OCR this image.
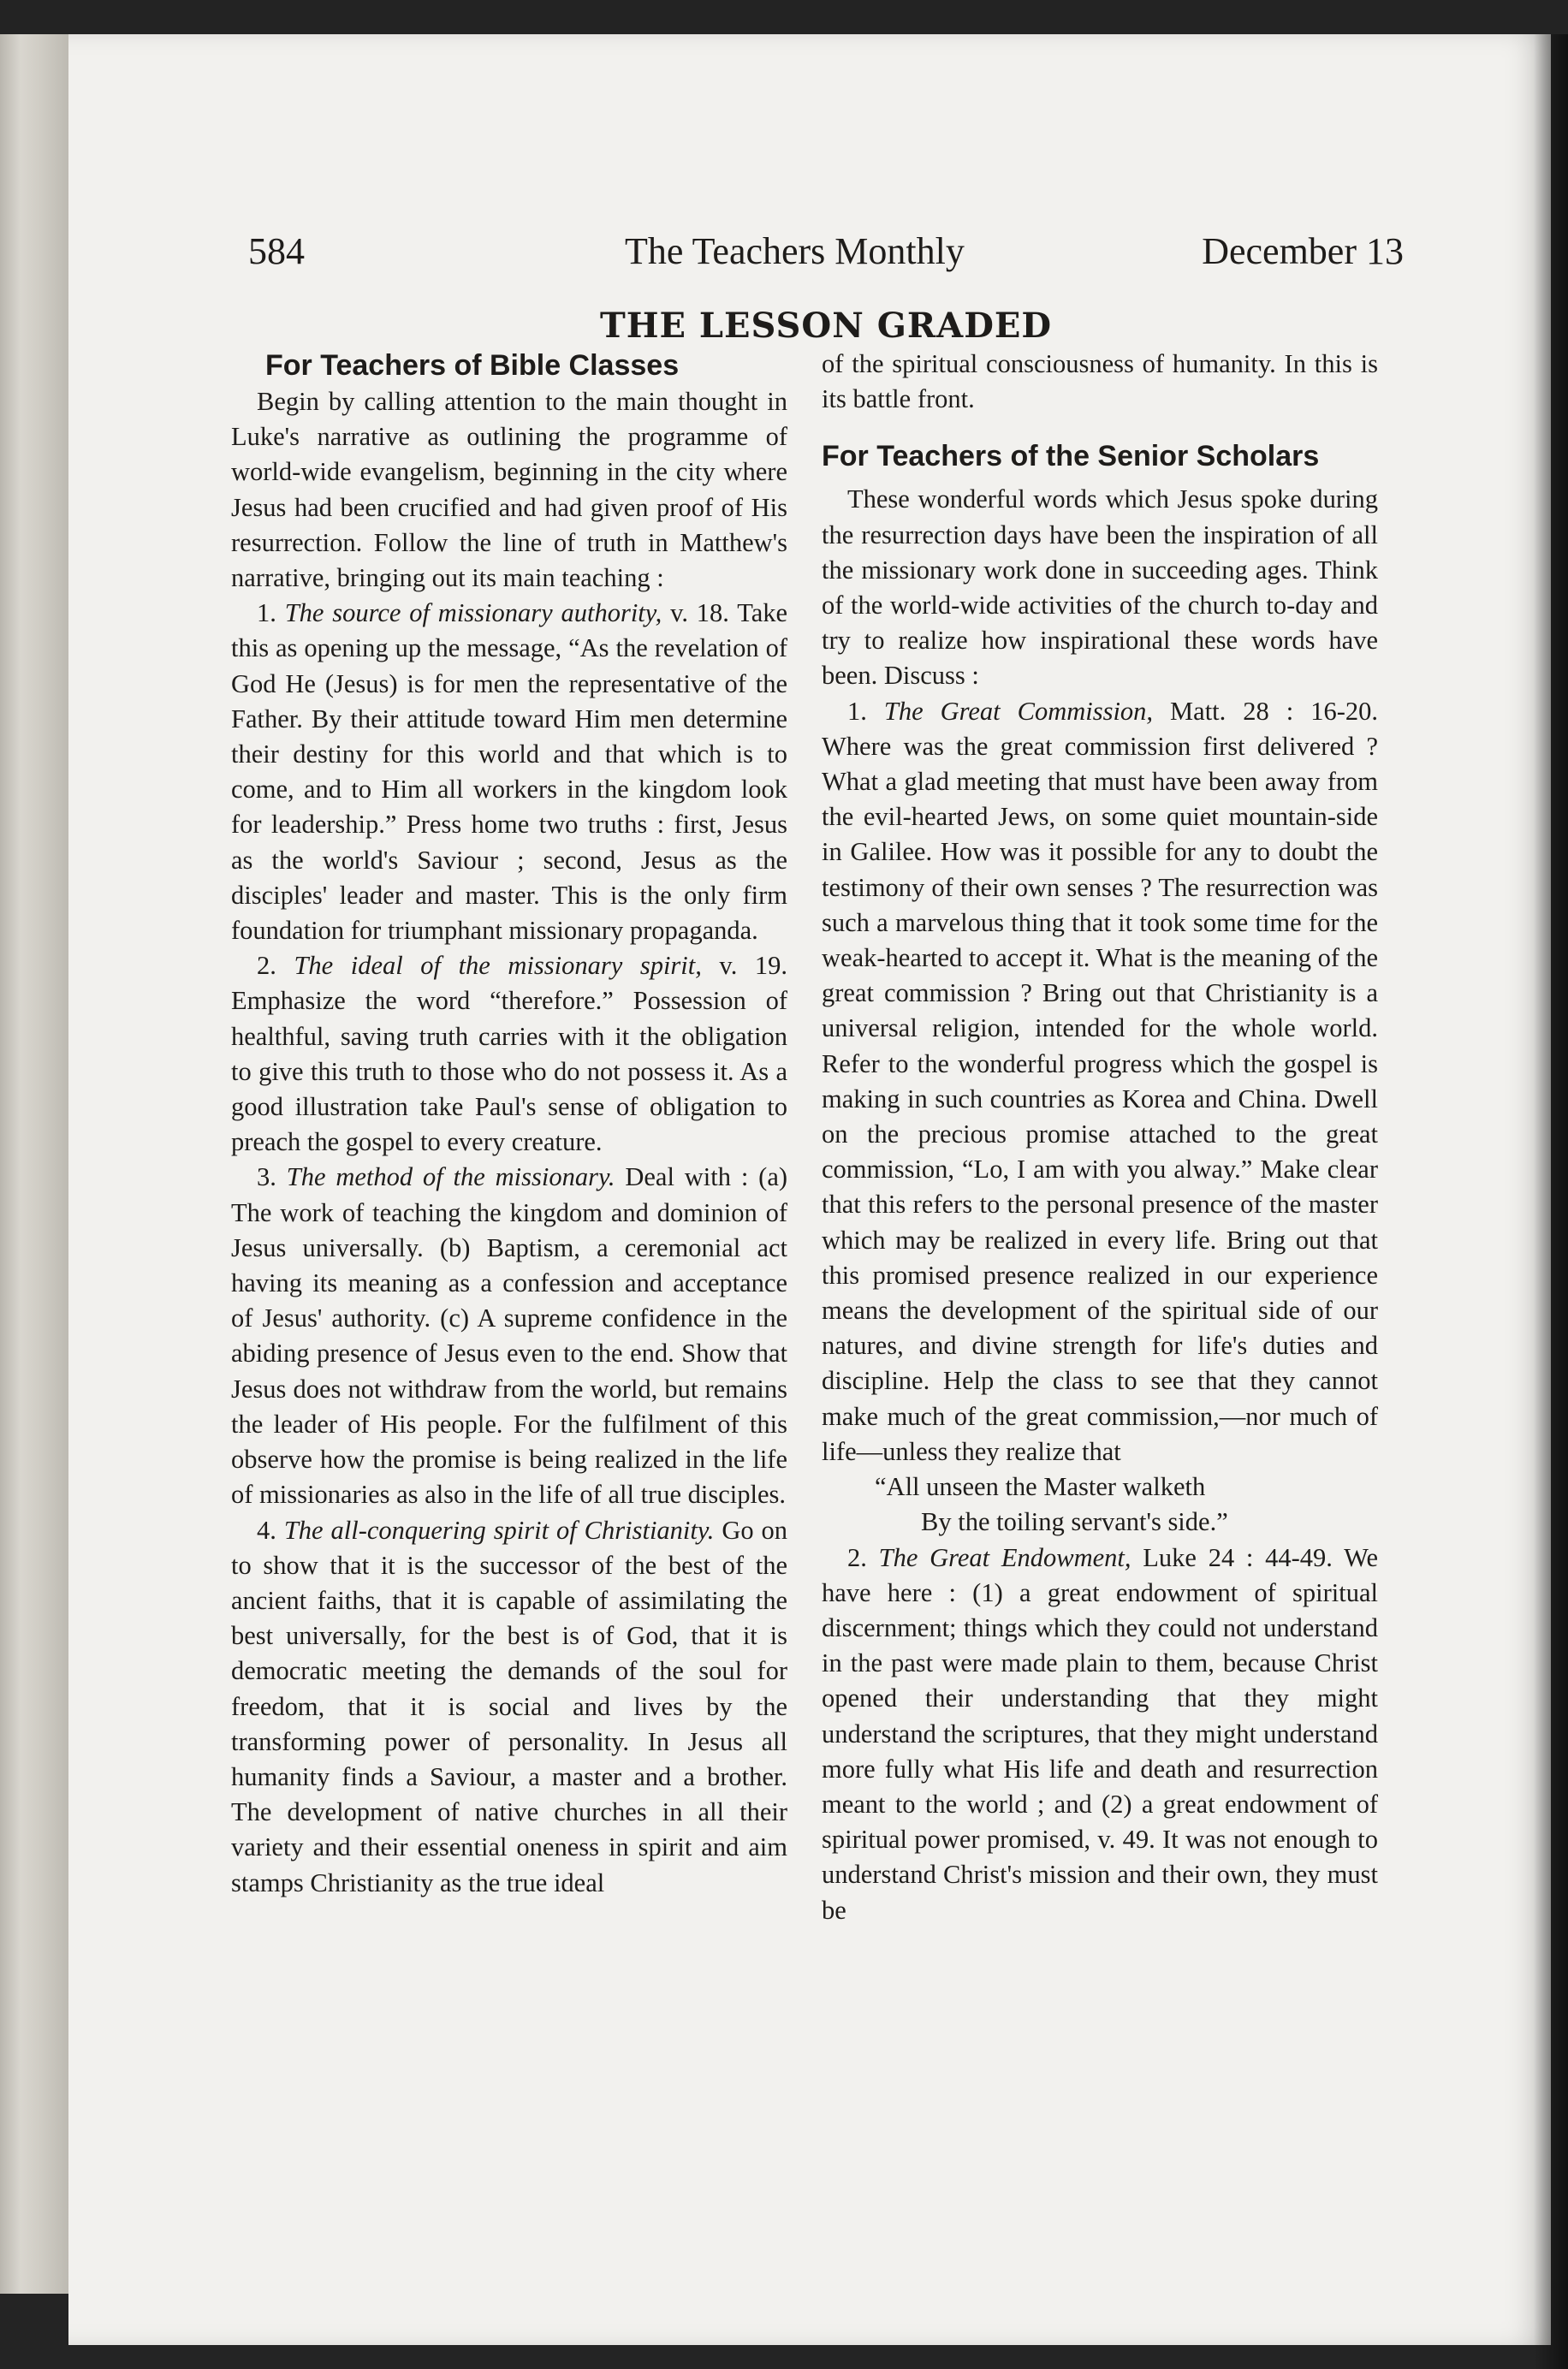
584	The Teachers Monthly	December 13
THE LESSON GRADED
For Teachers of Bible Classes

Begin by calling attention to the main thought in Luke's narrative as outlining the programme of world-wide evangelism, beginning in the city where Jesus had been crucified and had given proof of His resurrection. Follow the line of truth in Matthew's narrative, bringing out its main teaching :

1. The source of missionary authority, v. 18. Take this as opening up the message, “As the revelation of God He (Jesus) is for men the representative of the Father. By their attitude toward Him men determine their destiny for this world and that which is to come, and to Him all workers in the kingdom look for leadership.” Press home two truths : first, Jesus as the world's Saviour ; second, Jesus as the disciples' leader and master. This is the only firm foundation for triumphant missionary propaganda.

2. The ideal of the missionary spirit, v. 19. Emphasize the word “therefore.” Possession of healthful, saving truth carries with it the obligation to give this truth to those who do not possess it. As a good illustration take Paul's sense of obligation to preach the gospel to every creature.

3. The method of the missionary. Deal with : (a) The work of teaching the kingdom and dominion of Jesus universally. (b) Baptism, a ceremonial act having its meaning as a confession and acceptance of Jesus' authority. (c) A supreme confidence in the abiding presence of Jesus even to the end. Show that Jesus does not withdraw from the world, but remains the leader of His people. For the fulfilment of this observe how the promise is being realized in the life of missionaries as also in the life of all true disciples.

4. The all-conquering spirit of Christianity. Go on to show that it is the successor of the best of the ancient faiths, that it is capable of assimilating the best universally, for the best is of God, that it is democratic meeting the demands of the soul for freedom, that it is social and lives by the transforming power of personality. In Jesus all humanity finds a Saviour, a master and a brother. The development of native churches in all their variety and their essential oneness in spirit and aim stamps Christianity as the true ideal

of the spiritual consciousness of humanity. In this is its battle front.

For Teachers of the Senior Scholars

These wonderful words which Jesus spoke during the resurrection days have been the inspiration of all the missionary work done in succeeding ages. Think of the world-wide activities of the church to-day and try to realize how inspirational these words have been. Discuss :

1. The Great Commission, Matt. 28 : 16-20. Where was the great commission first delivered ? What a glad meeting that must have been away from the evil-hearted Jews, on some quiet mountain-side in Galilee. How was it possible for any to doubt the testimony of their own senses ? The resurrection was such a marvelous thing that it took some time for the weak-hearted to accept it. What is the meaning of the great commission ? Bring out that Christianity is a universal religion, intended for the whole world. Refer to the wonderful progress which the gospel is making in such countries as Korea and China. Dwell on the precious promise attached to the great commission, “Lo, I am with you alway.” Make clear that this refers to the personal presence of the master which may be realized in every life. Bring out that this promised presence realized in our experience means the development of the spiritual side of our natures, and divine strength for life's duties and discipline. Help the class to see that they cannot make much of the great commission,—nor much of life—unless they realize that

“All unseen the Master walketh
By the toiling servant's side.”

2. The Great Endowment, Luke 24 : 44-49. We have here : (1) a great endowment of spiritual discernment; things which they could not understand in the past were made plain to them, because Christ opened their understanding that they might understand the scriptures, that they might understand more fully what His life and death and resurrection meant to the world ; and (2) a great endowment of spiritual power promised, v. 49. It was not enough to understand Christ's mission and their own, they must be
